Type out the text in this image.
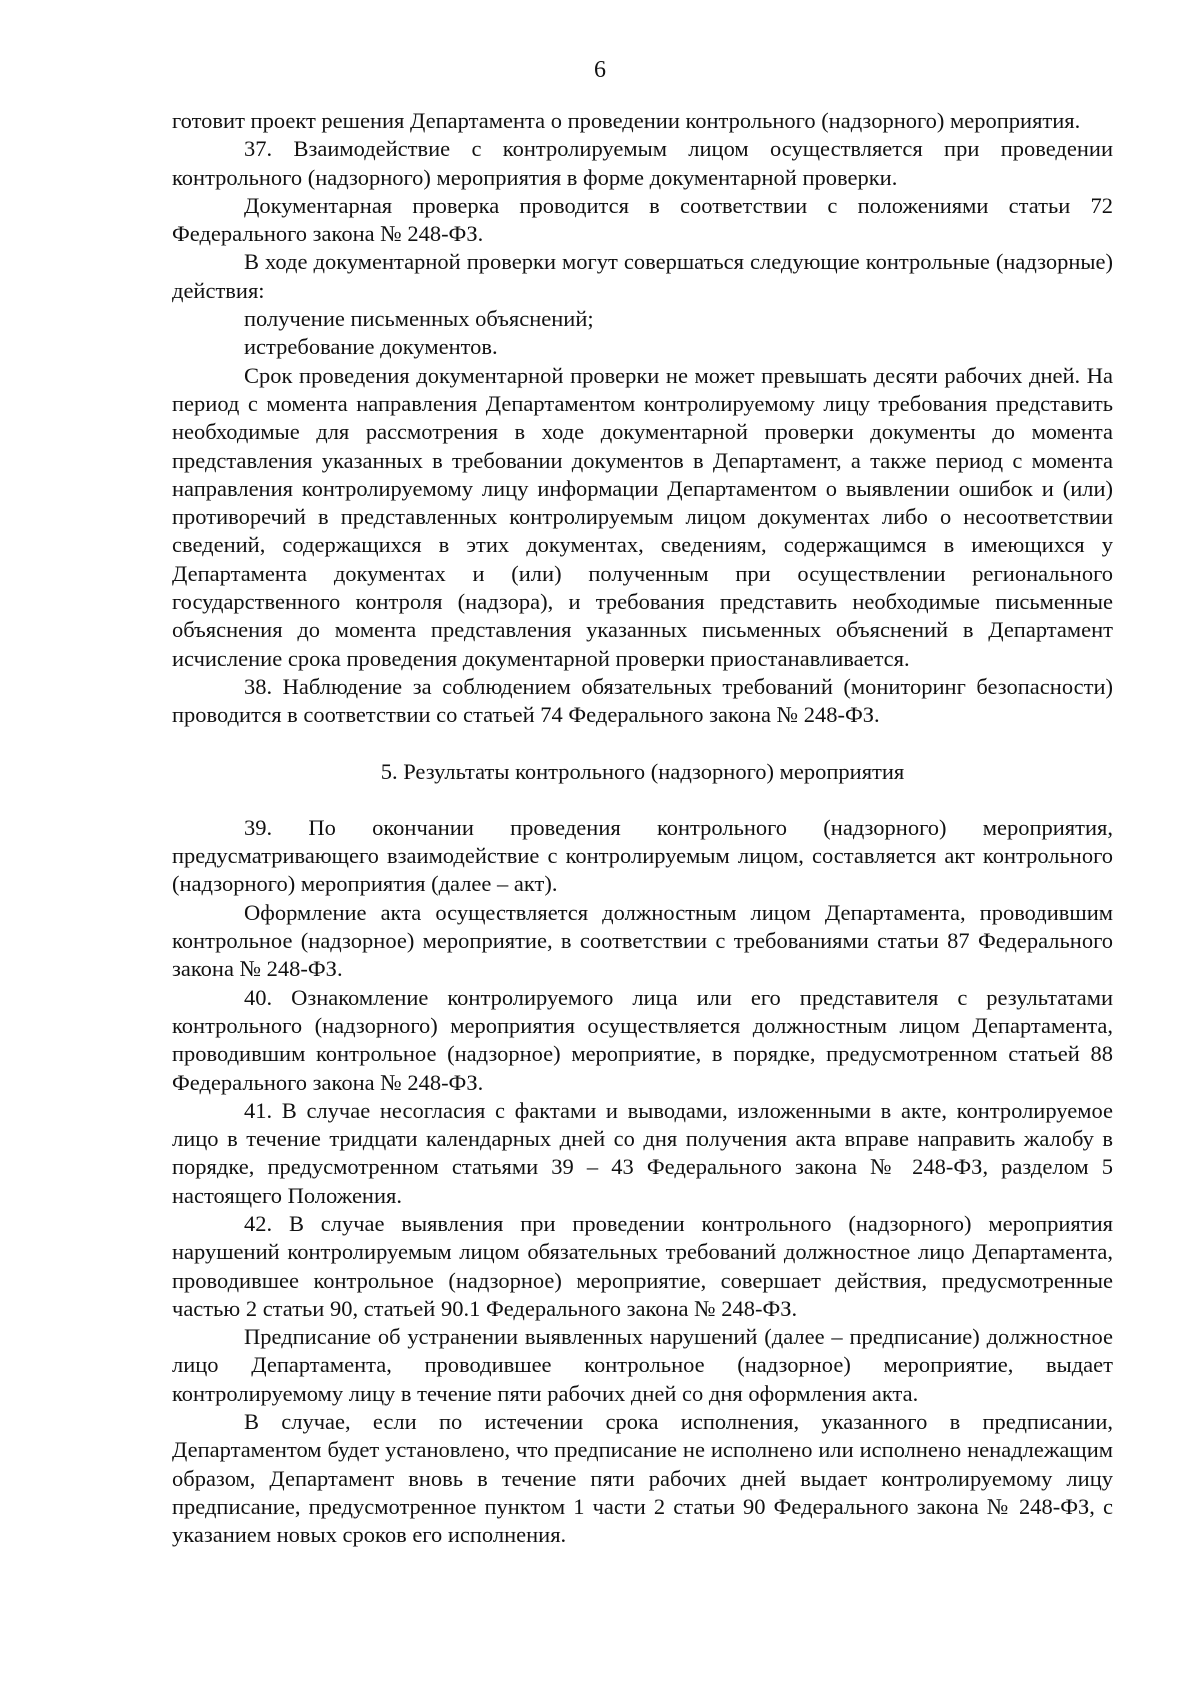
6

готовит проект решения Департамента о проведении контрольного (надзорного) мероприятия.

37. Взаимодействие с контролируемым лицом осуществляется при проведении контрольного (надзорного) мероприятия в форме документарной проверки.

Документарная проверка проводится в соответствии с положениями статьи 72 Федерального закона № 248-ФЗ.

В ходе документарной проверки могут совершаться следующие контрольные (надзорные) действия:

получение письменных объяснений;

истребование документов.

Срок проведения документарной проверки не может превышать десяти рабочих дней. На период с момента направления Департаментом контролируемому лицу требования представить необходимые для рассмотрения в ходе документарной проверки документы до момента представления указанных в требовании документов в Департамент, а также период с момента направления контролируемому лицу информации Департаментом о выявлении ошибок и (или) противоречий в представленных контролируемым лицом документах либо о несоответствии сведений, содержащихся в этих документах, сведениям, содержащимся в имеющихся у Департамента документах и (или) полученным при осуществлении регионального государственного контроля (надзора), и требования представить необходимые письменные объяснения до момента представления указанных письменных объяснений в Департамент исчисление срока проведения документарной проверки приостанавливается.

38. Наблюдение за соблюдением обязательных требований (мониторинг безопасности) проводится в соответствии со статьей 74 Федерального закона № 248-ФЗ.

5. Результаты контрольного (надзорного) мероприятия

39. По окончании проведения контрольного (надзорного) мероприятия, предусматривающего взаимодействие с контролируемым лицом, составляется акт контрольного (надзорного) мероприятия (далее – акт).

Оформление акта осуществляется должностным лицом Департамента, проводившим контрольное (надзорное) мероприятие, в соответствии с требованиями статьи 87 Федерального закона № 248-ФЗ.

40. Ознакомление контролируемого лица или его представителя с результатами контрольного (надзорного) мероприятия осуществляется должностным лицом Департамента, проводившим контрольное (надзорное) мероприятие, в порядке, предусмотренном статьей 88 Федерального закона № 248-ФЗ.

41. В случае несогласия с фактами и выводами, изложенными в акте, контролируемое лицо в течение тридцати календарных дней со дня получения акта вправе направить жалобу в порядке, предусмотренном статьями 39 – 43 Федерального закона № 248-ФЗ, разделом 5 настоящего Положения.

42. В случае выявления при проведении контрольного (надзорного) мероприятия нарушений контролируемым лицом обязательных требований должностное лицо Департамента, проводившее контрольное (надзорное) мероприятие, совершает действия, предусмотренные частью 2 статьи 90, статьей 90.1 Федерального закона № 248-ФЗ.

Предписание об устранении выявленных нарушений (далее – предписание) должностное лицо Департамента, проводившее контрольное (надзорное) мероприятие, выдает контролируемому лицу в течение пяти рабочих дней со дня оформления акта.

В случае, если по истечении срока исполнения, указанного в предписании, Департаментом будет установлено, что предписание не исполнено или исполнено ненадлежащим образом, Департамент вновь в течение пяти рабочих дней выдает контролируемому лицу предписание, предусмотренное пунктом 1 части 2 статьи 90 Федерального закона № 248-ФЗ, с указанием новых сроков его исполнения.
